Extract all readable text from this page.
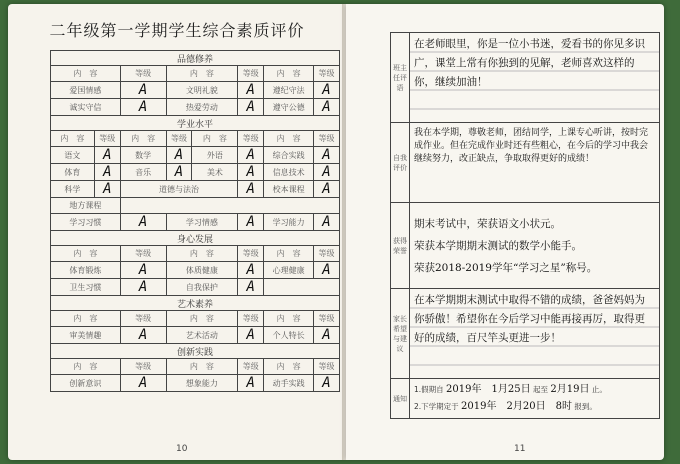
二年级第一学期学生综合素质评价
品德修养							
内　容		等级	内　容		等级	内　容	等级
爱国情感		A	文明礼貌		A	遵纪守法	A
诚实守信		A	热爱劳动		A	遵守公德	A
学业水平							
内　容	等级	内　容	等级	内　容	等级	内　容	等级
语文	A	数学	A	外语	A	综合实践	A
体育	A	音乐	A	美术	A	信息技术	A
科学	A	道德与法治			A	校本课程	A
地方课程							
学习习惯		A	学习情感		A	学习能力	A
身心发展							
内　容		等级	内　容		等级	内　容	等级
体育锻炼		A	体质健康		A	心理健康	A
卫生习惯		A	自我保护		A		
艺术素养							
内　容		等级	内　容		等级	内　容	等级
审美情趣		A	艺术活动		A	个人特长	A
创新实践							
内　容		等级	内　容		等级	内　容	等级
创新意识		A	想象能力		A	动手实践	A
10
班主任评语	在老师眼里，你是一位小书迷，爱看书的你见多识广，课堂上常有你独到的见解，老师喜欢这样的你，继续加油！
自我评价	我在本学期，尊敬老师，团结同学，上课专心听讲，按时完成作业。但在完成作业时还有些粗心，在今后的学习中我会继续努力，改正缺点，争取取得更好的成绩！
获得荣誉	期末考试中，荣获语文小状元。
荣获本学期期末测试的数学小能手。
荣获2018-2019学年“学习之星”称号。

家长希望与建议	在本学期期末测试中取得不错的成绩，爸爸妈妈为你骄傲！希望你在今后学习中能再接再厉，取得更好的成绩，百尺竿头更进一步！
通知	1.假期自 2019年　1月25日 起至 2月19日 止。
2.下学期定于 2019年　2月20日　8时 报到。
11
